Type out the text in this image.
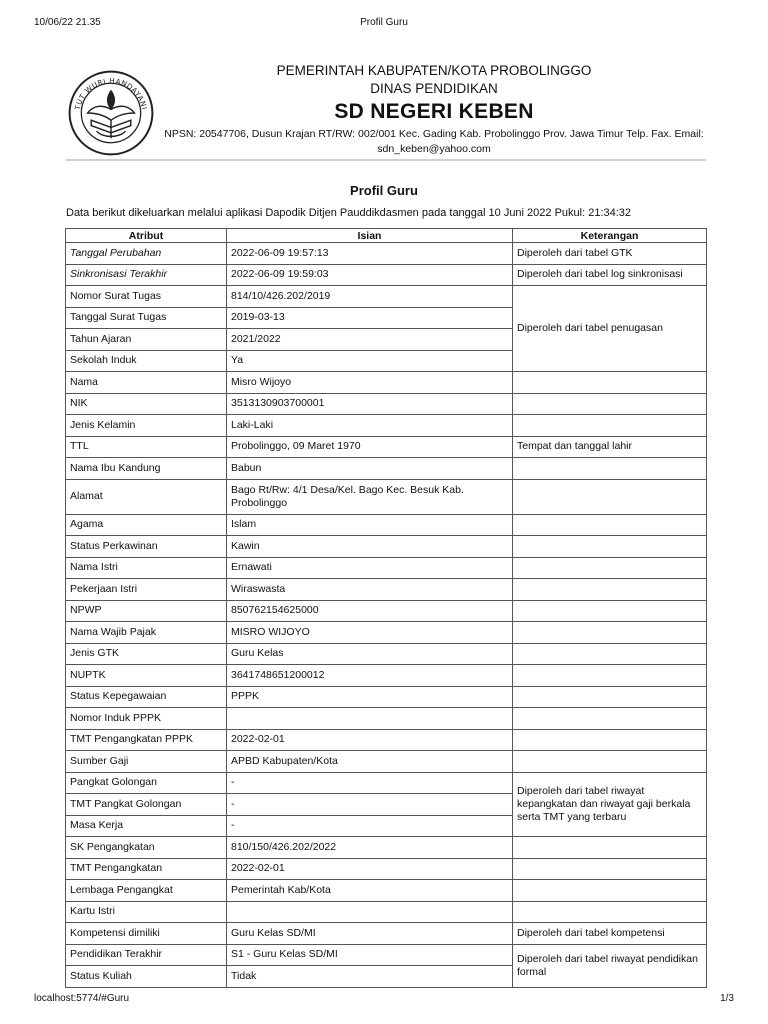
Profil Guru
10/06/22 21.35
TUT WURI HANDAYANI
PEMERINTAH KABUPATEN/KOTA PROBOLINGGO
DINAS PENDIDIKAN
SD NEGERI KEBEN
NPSN: 20547706, Dusun Krajan RT/RW: 002/001 Kec. Gading Kab. Probolinggo Prov. Jawa Timur Telp. Fax. Email:
sdn_keben@yahoo.com
Profil Guru
Data berikut dikeluarkan melalui aplikasi Dapodik Ditjen Pauddikdasmen pada tanggal 10 Juni 2022 Pukul: 21:34:32
Atribut	Isian	Keterangan
Tanggal Perubahan	2022-06-09 19:57:13	Diperoleh dari tabel GTK
Sinkronisasi Terakhir	2022-06-09 19:59:03	Diperoleh dari tabel log sinkronisasi
Nomor Surat Tugas	814/10/426.202/2019	Diperoleh dari tabel penugasan
Tanggal Surat Tugas	2019-03-13	
Tahun Ajaran	2021/2022	
Sekolah Induk	Ya	
Nama	Misro Wijoyo	
NIK	3513130903700001	
Jenis Kelamin	Laki-Laki	
TTL	Probolinggo, 09 Maret 1970	Tempat dan tanggal lahir
Nama Ibu Kandung	Babun	
Alamat	Bago Rt/Rw: 4/1 Desa/Kel. Bago Kec. Besuk Kab. Probolinggo	
Agama	Islam	
Status Perkawinan	Kawin	
Nama Istri	Ernawati	
Pekerjaan Istri	Wiraswasta	
NPWP	850762154625000	
Nama Wajib Pajak	MISRO WIJOYO	
Jenis GTK	Guru Kelas	
NUPTK	3641748651200012	
Status Kepegawaian	PPPK	
Nomor Induk PPPK		
TMT Pengangkatan PPPK	2022-02-01	
Sumber Gaji	APBD Kabupaten/Kota	
Pangkat Golongan	-	Diperoleh dari tabel riwayat kepangkatan dan riwayat gaji berkala serta TMT yang terbaru
TMT Pangkat Golongan	-	
Masa Kerja	-	
SK Pengangkatan	810/150/426.202/2022	
TMT Pengangkatan	2022-02-01	
Lembaga Pengangkat	Pemerintah Kab/Kota	
Kartu Istri		
Kompetensi dimiliki	Guru Kelas SD/MI	Diperoleh dari tabel kompetensi
Pendidikan Terakhir	S1 - Guru Kelas SD/MI	Diperoleh dari tabel riwayat pendidikan formal
Status Kuliah	Tidak	
localhost:5774/#Guru	1/3
